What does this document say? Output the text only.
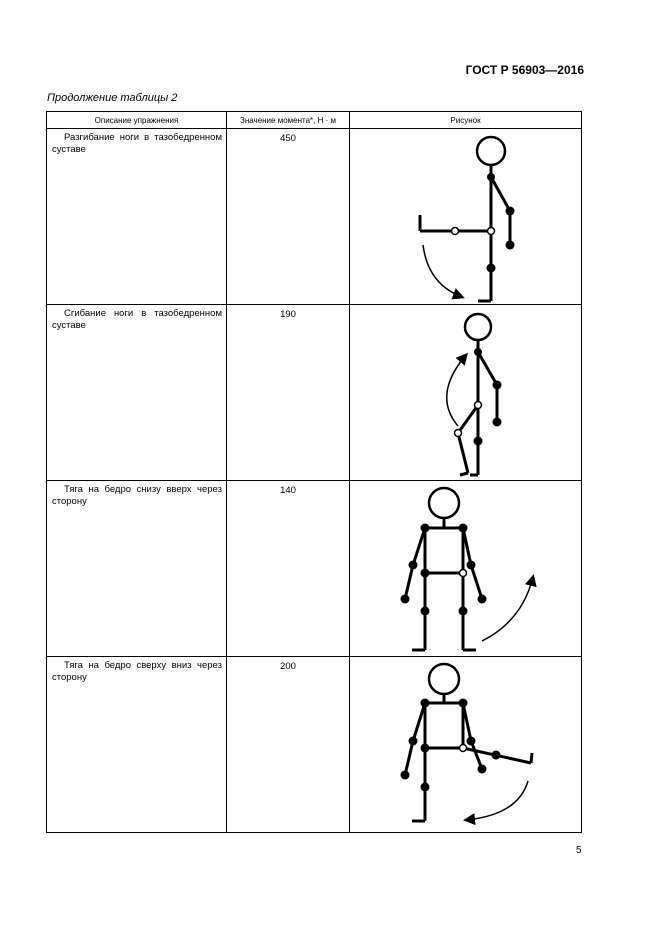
ГОСТ Р 56903—2016
Продолжение таблицы 2
Описание упражнения	Значение момента*, Н · м	Рисунок

Разгибание ноги в тазобедренном суставе	450

Сгибание ноги в тазобедренном суставе	190

Тяга на бедро снизу вверх через сторону	140

Тяга на бедро сверху вниз через сторону	200

5
